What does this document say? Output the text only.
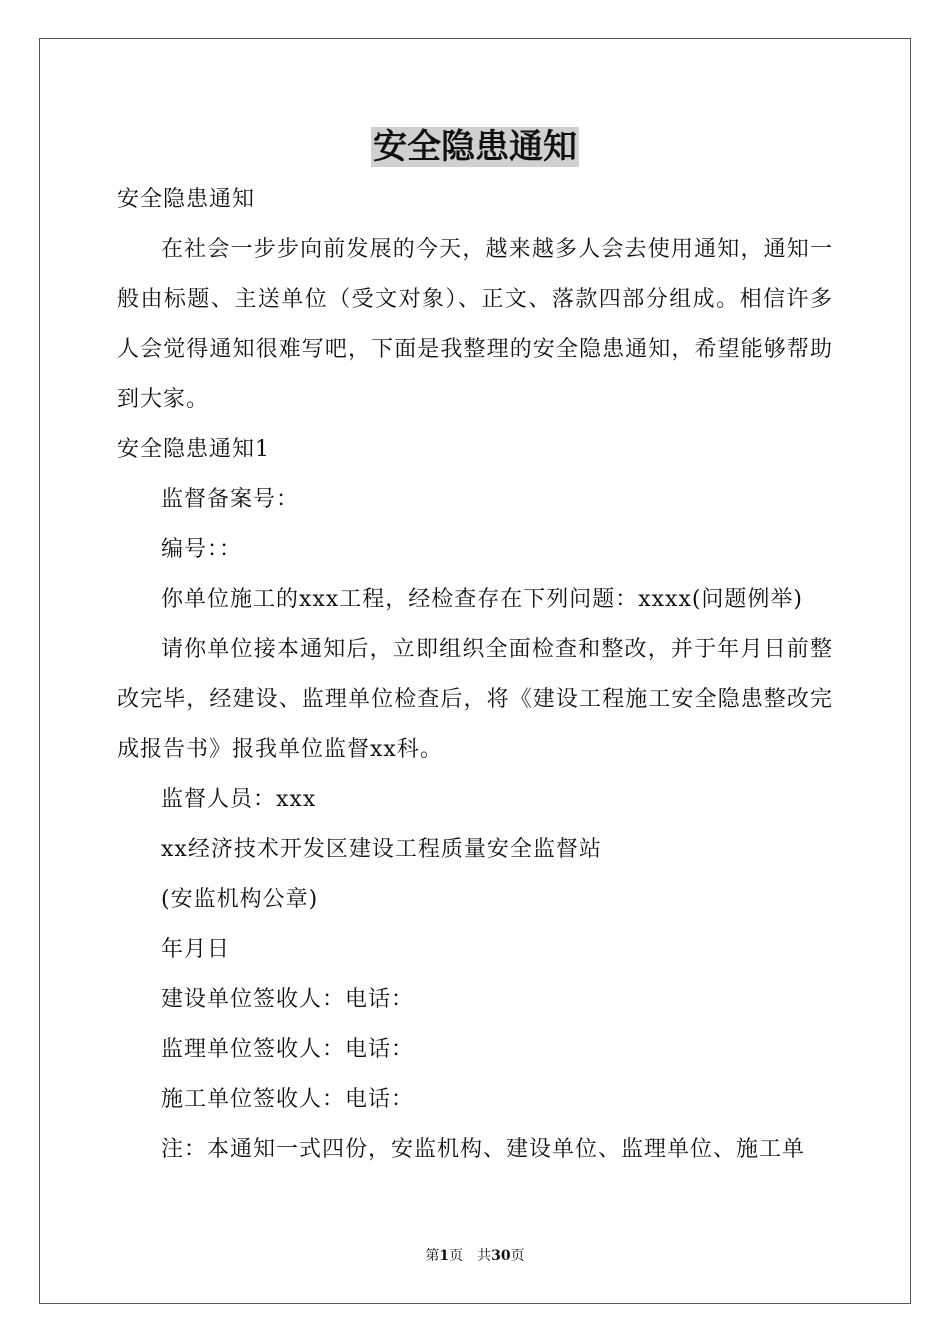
安全隐患通知

安全隐患通知

在社会一步步向前发展的今天，越来越多人会去使用通知，通知一般由标题、主送单位（受文对象）、正文、落款四部分组成。相信许多人会觉得通知很难写吧，下面是我整理的安全隐患通知，希望能够帮助到大家。

安全隐患通知1

监督备案号：

编号：：

你单位施工的xxx工程，经检查存在下列问题：xxxx(问题例举)

请你单位接本通知后，立即组织全面检查和整改，并于年月日前整改完毕，经建设、监理单位检查后，将《建设工程施工安全隐患整改完成报告书》报我单位监督xx科。

监督人员：xxx

xx经济技术开发区建设工程质量安全监督站

(安监机构公章)

年月日

建设单位签收人：电话：

监理单位签收人：电话：

施工单位签收人：电话：

注：本通知一式四份，安监机构、建设单位、监理单位、施工单

第1页 共30页
